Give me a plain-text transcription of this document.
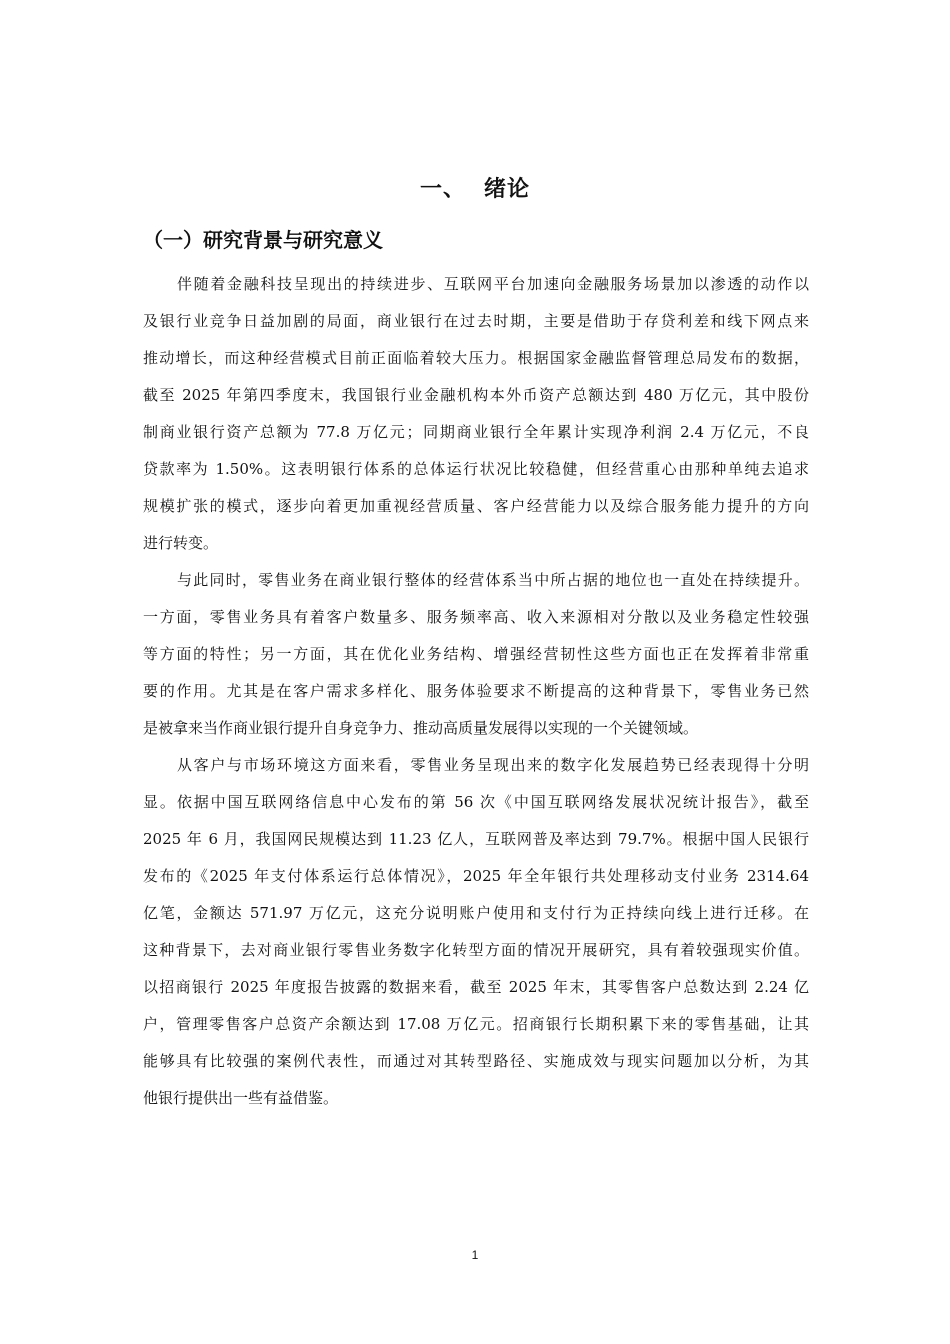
一、 绪论
（一）研究背景与研究意义
伴随着金融科技呈现出的持续进步、互联网平台加速向金融服务场景加以渗透的动作以
及银行业竞争日益加剧的局面，商业银行在过去时期，主要是借助于存贷利差和线下网点来
推动增长，而这种经营模式目前正面临着较大压力。根据国家金融监督管理总局发布的数据，
截至 2025 年第四季度末，我国银行业金融机构本外币资产总额达到 480 万亿元，其中股份
制商业银行资产总额为 77.8 万亿元；同期商业银行全年累计实现净利润 2.4 万亿元，不良
贷款率为 1.50%。这表明银行体系的总体运行状况比较稳健，但经营重心由那种单纯去追求
规模扩张的模式，逐步向着更加重视经营质量、客户经营能力以及综合服务能力提升的方向
进行转变。
与此同时，零售业务在商业银行整体的经营体系当中所占据的地位也一直处在持续提升。
一方面，零售业务具有着客户数量多、服务频率高、收入来源相对分散以及业务稳定性较强
等方面的特性；另一方面，其在优化业务结构、增强经营韧性这些方面也正在发挥着非常重
要的作用。尤其是在客户需求多样化、服务体验要求不断提高的这种背景下，零售业务已然
是被拿来当作商业银行提升自身竞争力、推动高质量发展得以实现的一个关键领域。
从客户与市场环境这方面来看，零售业务呈现出来的数字化发展趋势已经表现得十分明
显。依据中国互联网络信息中心发布的第 56 次《中国互联网络发展状况统计报告》，截至
2025 年 6 月，我国网民规模达到 11.23 亿人，互联网普及率达到 79.7%。根据中国人民银行
发布的《2025 年支付体系运行总体情况》，2025 年全年银行共处理移动支付业务 2314.64
亿笔，金额达 571.97 万亿元，这充分说明账户使用和支付行为正持续向线上进行迁移。在
这种背景下，去对商业银行零售业务数字化转型方面的情况开展研究，具有着较强现实价值。
以招商银行 2025 年度报告披露的数据来看，截至 2025 年末，其零售客户总数达到 2.24 亿
户，管理零售客户总资产余额达到 17.08 万亿元。招商银行长期积累下来的零售基础，让其
能够具有比较强的案例代表性，而通过对其转型路径、实施成效与现实问题加以分析，为其
他银行提供出一些有益借鉴。
1
